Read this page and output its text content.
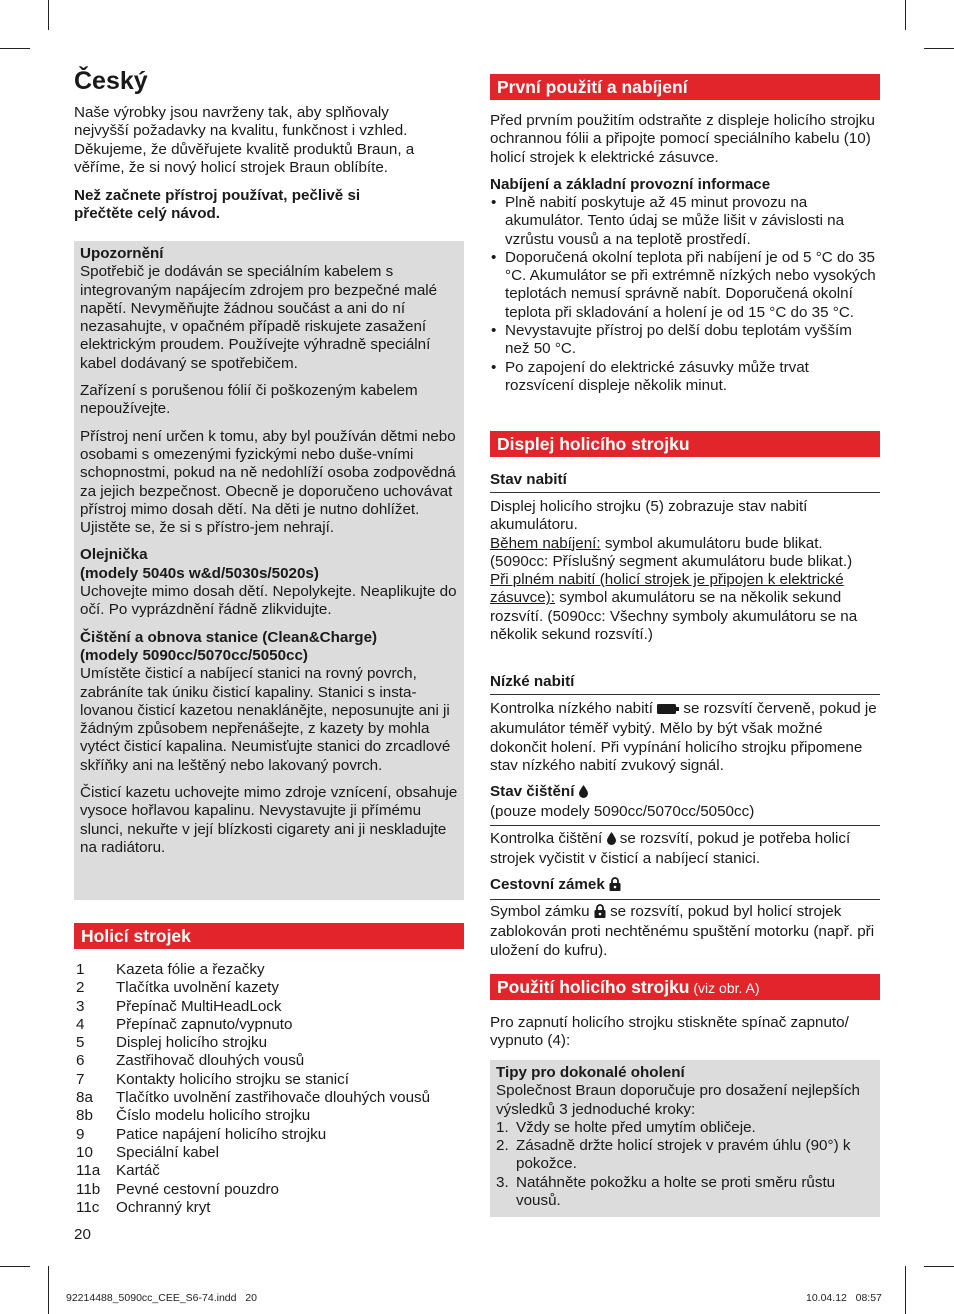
Český

Naše výrobky jsou navrženy tak, aby splňovaly nejvyšší požadavky na kvalitu, funkčnost i vzhled. Děkujeme, že důvěřujete kvalitě produktů Braun, a věříme, že si nový holicí strojek Braun oblíbíte.

Než začnete přístroj používat, pečlivě si přečtěte celý návod.

Upozornění

Spotřebič je dodáván se speciálním kabelem s integrovaným napájecím zdrojem pro bezpečné malé napětí. Nevyměňujte žádnou součást a ani do ní nezasahujte, v opačném případě riskujete zasažení elektrickým proudem. Používejte výhradně speciální kabel dodávaný se spotřebičem.

Zařízení s porušenou fólií či poškozeným kabelem nepoužívejte.

Přístroj není určen k tomu, aby byl používán dětmi nebo osobami s omezenými fyzickými nebo duše-vními schopnostmi, pokud na ně nedohlíží osoba zodpovědná za jejich bezpečnost. Obecně je doporučeno uchovávat přístroj mimo dosah dětí. Na děti je nutno dohlížet. Ujistěte se, že si s přístro-jem nehrají.

Olejnička

(modely 5040s w&d/5030s/5020s)

Uchovejte mimo dosah dětí. Nepolykejte. Neaplikujte do očí. Po vyprázdnění řádně zlikvidujte.

Čištění a obnova stanice (Clean&Charge)

(modely 5090cc/5070cc/5050cc)

Umístěte čisticí a nabíjecí stanici na rovný povrch, zabráníte tak úniku čisticí kapaliny. Stanici s insta-lovanou čisticí kazetou nenaklánějte, neposunujte ani ji žádným způsobem nepřenášejte, z kazety by mohla vytéct čisticí kapalina. Neumisťujte stanici do zrcadlové skříňky ani na leštěný nebo lakovaný povrch.

Čisticí kazetu uchovejte mimo zdroje vznícení, obsahuje vysoce hořlavou kapalinu. Nevystavujte ji přímému slunci, nekuřte v její blízkosti cigarety ani ji neskladujte na radiátoru.

Holicí strojek
1	Kazeta fólie a řezačky
2	Tlačítka uvolnění kazety
3	Přepínač MultiHeadLock
4	Přepínač zapnuto/vypnuto
5	Displej holicího strojku
6	Zastřihovač dlouhých vousů
7	Kontakty holicího strojku se stanicí
8a	Tlačítko uvolnění zastřihovače dlouhých vousů
8b	Číslo modelu holicího strojku
9	Patice napájení holicího strojku
10	Speciální kabel
11a	Kartáč
11b	Pevné cestovní pouzdro
11c	Ochranný kryt
20
První použití a nabíjení

Před prvním použitím odstraňte z displeje holicího strojku ochrannou fólii a připojte pomocí speciálního kabelu (10) holicí strojek k elektrické zásuvce.

Nabíjení a základní provozní informace

• Plně nabití poskytuje až 45 minut provozu na akumulátor. Tento údaj se může lišit v závislosti na vzrůstu vousů a na teplotě prostředí.
• Doporučená okolní teplota při nabíjení je od 5 °C do 35 °C. Akumulátor se při extrémně nízkých nebo vysokých teplotách nemusí správně nabít. Doporučená okolní teplota při skladování a holení je od 15 °C do 35 °C.
• Nevystavujte přístroj po delší dobu teplotám vyšším než 50 °C.
• Po zapojení do elektrické zásuvky může trvat rozsvícení displeje několik minut.
Displej holicího strojku
Stav nabití

Displej holicího strojku (5) zobrazuje stav nabití akumulátoru.

Během nabíjení: symbol akumulátoru bude blikat. (5090cc: Příslušný segment akumulátoru bude blikat.)

Při plném nabití (holicí strojek je připojen k elektrické zásuvce): symbol akumulátoru se na několik sekund rozsvítí. (5090cc: Všechny symboly akumulátoru se na několik sekund rozsvítí.)

Nízké nabití

Kontrolka nízkého nabití  se rozsvítí červeně, pokud je akumulátor téměř vybitý. Mělo by být však možné dokončit holení. Při vypínání holicího strojku připomene stav nízkého nabití zvukový signál.

Stav čištění

(pouze modely 5090cc/5070cc/5050cc)

Kontrolka čištění  se rozsvítí, pokud je potřeba holicí strojek vyčistit v čisticí a nabíjecí stanici.

Cestovní zámek

Symbol zámku  se rozsvítí, pokud byl holicí strojek zablokován proti nechtěnému spuštění motorku (např. při uložení do kufru).

Použití holicího strojku (viz obr. A)

Pro zapnutí holicího strojku stiskněte spínač zapnuto/ vypnuto (4):

Tipy pro dokonalé oholení

Společnost Braun doporučuje pro dosažení nejlepších výsledků 3 jednoduché kroky:

1. Vždy se holte před umytím obličeje.
2. Zásadně držte holicí strojek v pravém úhlu (90°) k pokožce.
3. Natáhněte pokožku a holte se proti směru růstu vousů.
92214488_5090cc_CEE_S6-74.indd   20	10.04.12   08:57
